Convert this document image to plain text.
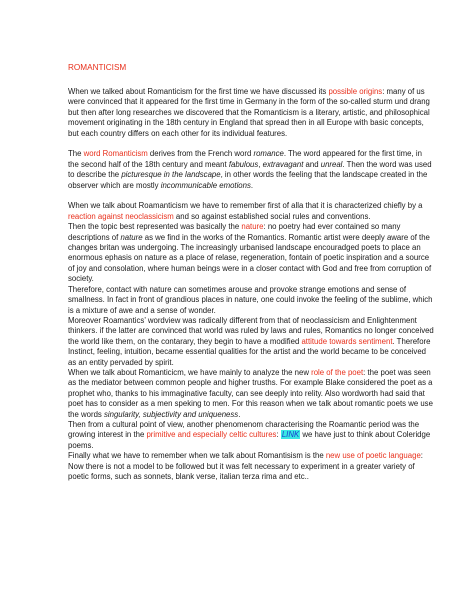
ROMANTICISM

When we talked about Romanticism for the first time we have discussed its possible origins: many of us were convinced that it appeared for the first time in Germany in the form of the so-called sturm und drang but then after long researches we discovered that the Romanticism is a literary, artistic, and philosophical movement originating in the 18th century in England that spread then in all Europe with basic concepts, but each country differs on each other for its individual features.

The word Romanticism derives from the French word romance. The word appeared for the first time, in the second half of the 18th century and meant fabulous, extravagant and unreal. Then the word was used to describe the picturesque in the landscape, in other words the feeling that the landscape created in the observer which are mostly incommunicable emotions.

When we talk about Roamanticism we have to remember first of alla that it is characterized chiefly by a reaction against neoclassicism and so against established social rules and conventions.

Then the topic best represented was basically the nature: no poetry had ever contained so many descriptions of nature as we find in the works of the Romantics. Romantic artist were deeply aware of the changes britan was undergoing. The increasingly urbanised landscape encouradged poets to place an enormous ephasis on nature as a place of relase, regeneration, fontain of poetic inspiration and a source of joy and consolation, where human beings were in a closer contact with God and free from corruption of society.

Therefore, contact with nature can sometimes arouse and provoke strange emotions and sense of smallness. In fact in front of grandious places in nature, one could invoke the feeling of the sublime, which is a mixture of awe and a sense of wonder.

Moreover Roamantics’ wordview was radically different from that of neoclassicism and Enlightenment thinkers. if the latter are convinced that world was ruled by laws and rules, Romantics no longer conceived the world like them, on the contarary, they begin to have a modified attitude towards sentiment. Therefore Instinct, feeling, intuition, became essential qualities for the artist and the world became to be conceived as an entity pervaded by spirit.

When we talk about Romanticicm, we have mainly to analyze the new role of the poet: the poet was seen as the mediator between common people and higher trusths. For example Blake considered the poet as a prophet who, thanks to his immaginative faculty, can see deeply into relity. Also wordworth had said that poet has to consider as a men speking to men. For this reason when we talk about romantic poets we use the words singularity, subjectivity and uniqueness.

Then from a cultural point of view, another phenomenom characterising the Roamantic period was the growing interest in the primitive and especially celtic cultures: LINK we have just to think about Coleridge poems.

Finally what we have to remember when we talk about Romantisism is the new use of poetic language: Now there is not a model to be followed but it was felt necessary to experiment in a greater variety of poetic forms, such as sonnets, blank verse, italian terza rima and etc..
